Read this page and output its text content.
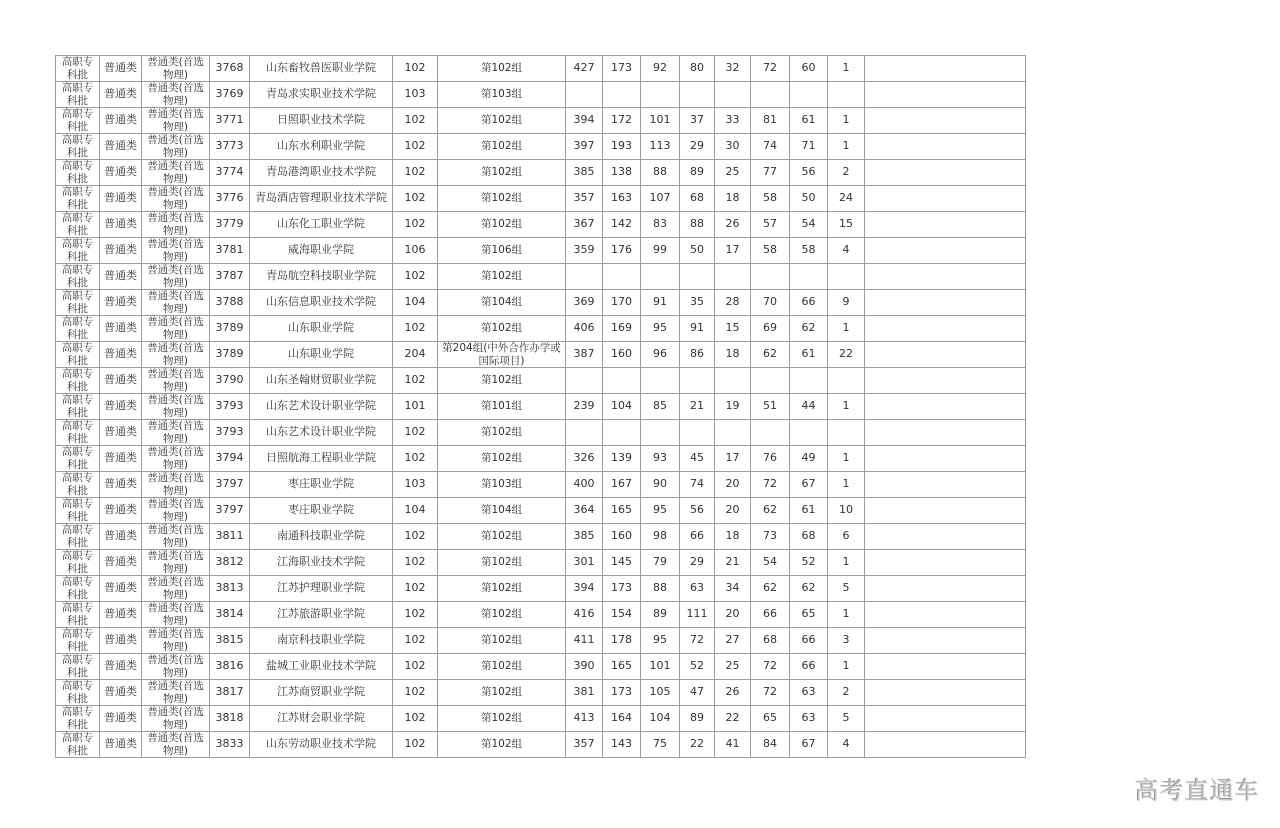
高职专科批	普通类	普通类(首选物理)	3768	山东畜牧兽医职业学院	102	第102组	427	173	92	80	32	72	60	1	
高职专科批	普通类	普通类(首选物理)	3769	青岛求实职业技术学院	103	第103组									
高职专科批	普通类	普通类(首选物理)	3771	日照职业技术学院	102	第102组	394	172	101	37	33	81	61	1	
高职专科批	普通类	普通类(首选物理)	3773	山东水利职业学院	102	第102组	397	193	113	29	30	74	71	1	
高职专科批	普通类	普通类(首选物理)	3774	青岛港湾职业技术学院	102	第102组	385	138	88	89	25	77	56	2	
高职专科批	普通类	普通类(首选物理)	3776	青岛酒店管理职业技术学院	102	第102组	357	163	107	68	18	58	50	24	
高职专科批	普通类	普通类(首选物理)	3779	山东化工职业学院	102	第102组	367	142	83	88	26	57	54	15	
高职专科批	普通类	普通类(首选物理)	3781	威海职业学院	106	第106组	359	176	99	50	17	58	58	4	
高职专科批	普通类	普通类(首选物理)	3787	青岛航空科技职业学院	102	第102组									
高职专科批	普通类	普通类(首选物理)	3788	山东信息职业技术学院	104	第104组	369	170	91	35	28	70	66	9	
高职专科批	普通类	普通类(首选物理)	3789	山东职业学院	102	第102组	406	169	95	91	15	69	62	1	
高职专科批	普通类	普通类(首选物理)	3789	山东职业学院	204	第204组(中外合作办学或国际项目)	387	160	96	86	18	62	61	22	
高职专科批	普通类	普通类(首选物理)	3790	山东圣翰财贸职业学院	102	第102组									
高职专科批	普通类	普通类(首选物理)	3793	山东艺术设计职业学院	101	第101组	239	104	85	21	19	51	44	1	
高职专科批	普通类	普通类(首选物理)	3793	山东艺术设计职业学院	102	第102组									
高职专科批	普通类	普通类(首选物理)	3794	日照航海工程职业学院	102	第102组	326	139	93	45	17	76	49	1	
高职专科批	普通类	普通类(首选物理)	3797	枣庄职业学院	103	第103组	400	167	90	74	20	72	67	1	
高职专科批	普通类	普通类(首选物理)	3797	枣庄职业学院	104	第104组	364	165	95	56	20	62	61	10	
高职专科批	普通类	普通类(首选物理)	3811	南通科技职业学院	102	第102组	385	160	98	66	18	73	68	6	
高职专科批	普通类	普通类(首选物理)	3812	江海职业技术学院	102	第102组	301	145	79	29	21	54	52	1	
高职专科批	普通类	普通类(首选物理)	3813	江苏护理职业学院	102	第102组	394	173	88	63	34	62	62	5	
高职专科批	普通类	普通类(首选物理)	3814	江苏旅游职业学院	102	第102组	416	154	89	111	20	66	65	1	
高职专科批	普通类	普通类(首选物理)	3815	南京科技职业学院	102	第102组	411	178	95	72	27	68	66	3	
高职专科批	普通类	普通类(首选物理)	3816	盐城工业职业技术学院	102	第102组	390	165	101	52	25	72	66	1	
高职专科批	普通类	普通类(首选物理)	3817	江苏商贸职业学院	102	第102组	381	173	105	47	26	72	63	2	
高职专科批	普通类	普通类(首选物理)	3818	江苏财会职业学院	102	第102组	413	164	104	89	22	65	63	5	
高职专科批	普通类	普通类(首选物理)	3833	山东劳动职业技术学院	102	第102组	357	143	75	22	41	84	67	4	
高考直通车
